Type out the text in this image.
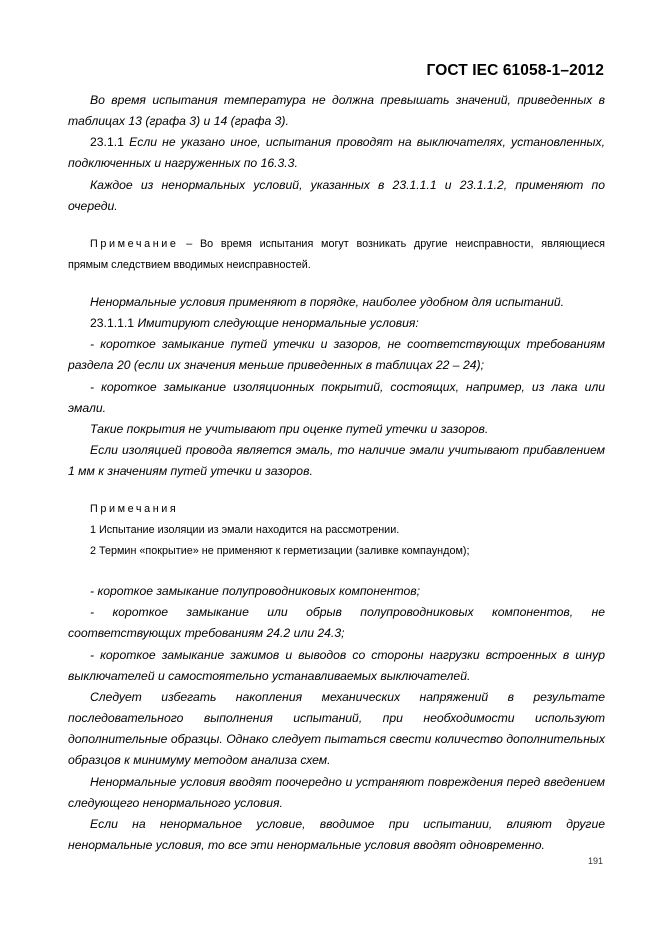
ГОСТ IEC 61058-1–2012
Во время испытания температура не должна превышать значений, приведенных в таблицах 13 (графа 3) и 14 (графа 3).
23.1.1 Если не указано иное, испытания проводят на выключателях, установленных, подключенных и нагруженных по 16.3.3.
Каждое из ненормальных условий, указанных в 23.1.1.1 и 23.1.1.2, применяют по очереди.
Примечание – Во время испытания могут возникать другие неисправности, являющиеся прямым следствием вводимых неисправностей.
Ненормальные условия применяют в порядке, наиболее удобном для испытаний.
23.1.1.1 Имитируют следующие ненормальные условия:
- короткое замыкание путей утечки и зазоров, не соответствующих требованиям раздела 20 (если их значения меньше приведенных в таблицах 22 – 24);
- короткое замыкание изоляционных покрытий, состоящих, например, из лака или эмали.
Такие покрытия не учитывают при оценке путей утечки и зазоров.
Если изоляцией провода является эмаль, то наличие эмали учитывают прибавлением 1 мм к значениям путей утечки и зазоров.
Примечания
1 Испытание изоляции из эмали находится на рассмотрении.
2 Термин «покрытие» не применяют к герметизации (заливке компаундом);
- короткое замыкание полупроводниковых компонентов;
- короткое замыкание или обрыв полупроводниковых компонентов, не соответствующих требованиям 24.2 или 24.3;
- короткое замыкание зажимов и выводов со стороны нагрузки встроенных в шнур выключателей и самостоятельно устанавливаемых выключателей.
Следует избегать накопления механических напряжений в результате последовательного выполнения испытаний, при необходимости используют дополнительные образцы. Однако следует пытаться свести количество дополнительных образцов к минимуму методом анализа схем.
Ненормальные условия вводят поочередно и устраняют повреждения перед введением следующего ненормального условия.
Если на ненормальное условие, вводимое при испытании, влияют другие ненормальные условия, то все эти ненормальные условия вводят одновременно.
191
